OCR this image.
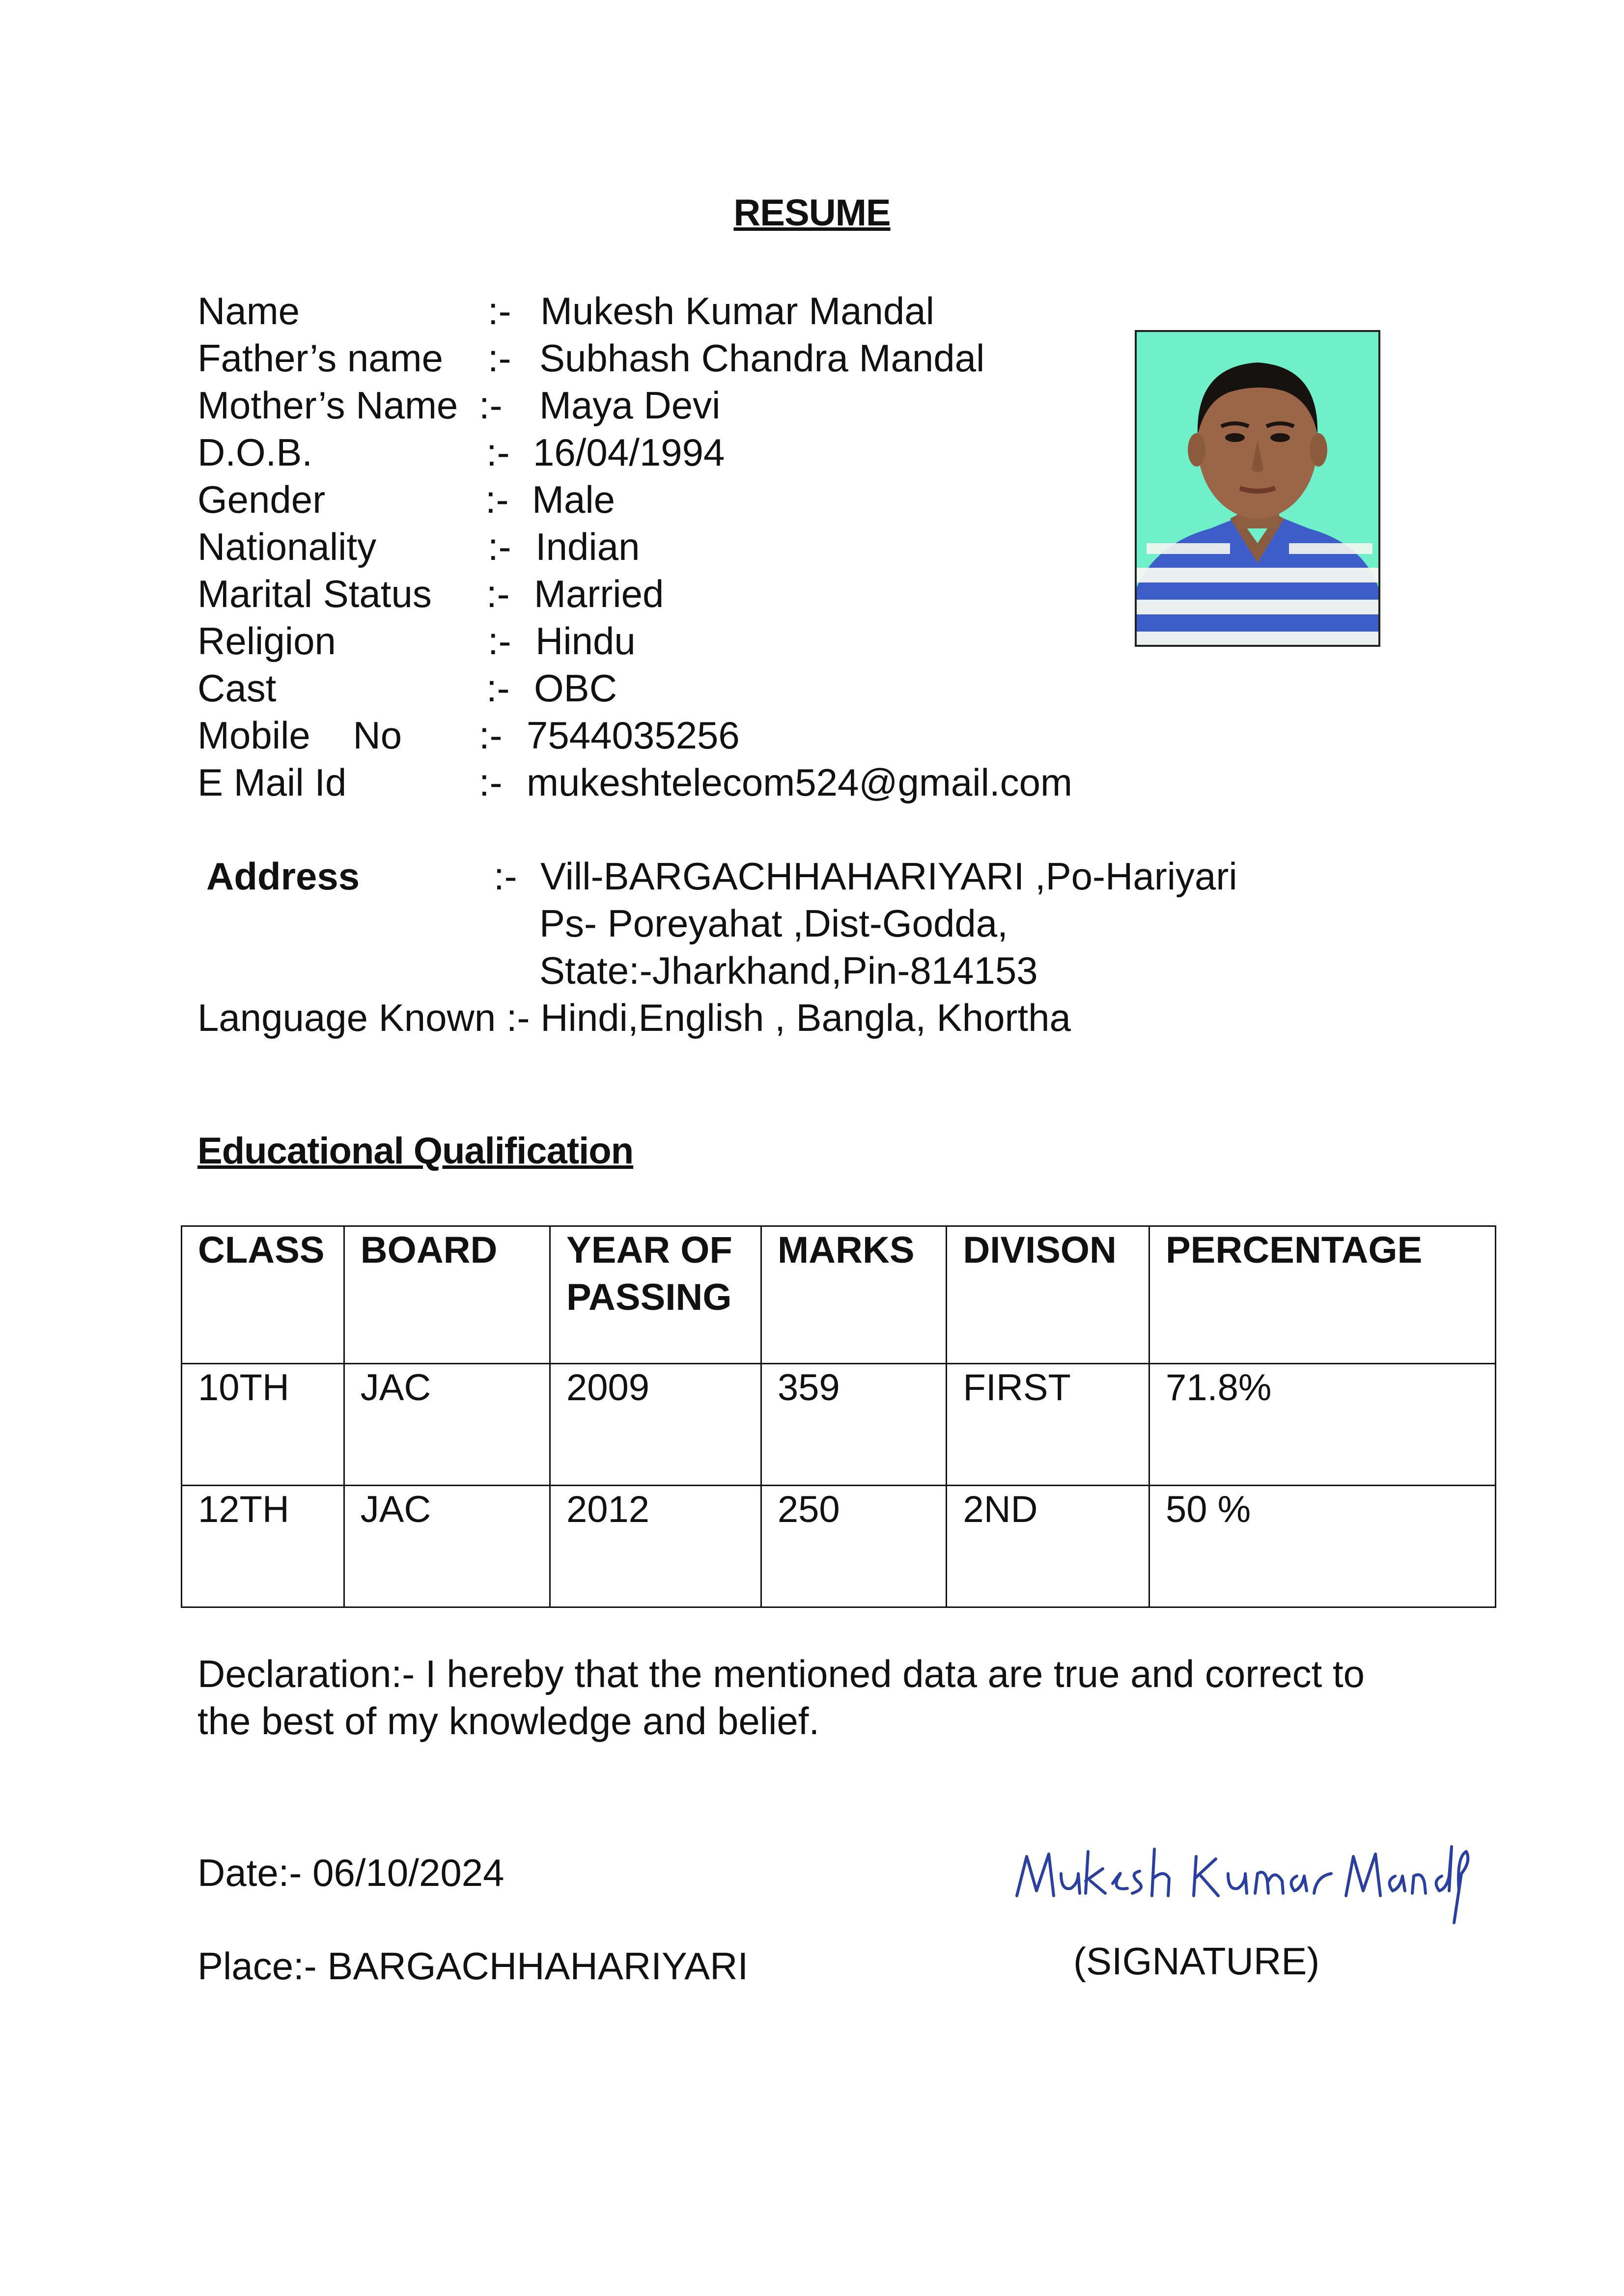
RESUME
Name	:- Mukesh Kumar Mandal
Father’s name :- Subhash Chandra Mandal
Mother’s Name :- Maya Devi
D.O.B.	:- 16/04/1994
Gender	:- Male
Nationality	:- Indian
Marital Status :- Married
Religion	:- Hindu
Cast	:- OBC
Mobile    No :- 7544035256
E Mail Id	:- mukeshtelecom524@gmail.com
Address	:- Vill-BARGACHHAHARIYARI ,Po-Hariyari
Ps- Poreyahat ,Dist-Godda,
State:-Jharkhand,Pin-814153
Language Known :- Hindi,English , Bangla, Khortha
Educational Qualification
CLASS	BOARD	YEAR OF PASSING	MARKS	DIVISON	PERCENTAGE
10TH	JAC	2009	359	FIRST	71.8%
12TH	JAC	2012	250	2ND	50 %
Declaration:- I hereby that the mentioned data are true and correct to the best of my knowledge and belief.
Date:- 06/10/2024
Place:- BARGACHHAHARIYARI	(SIGNATURE)
